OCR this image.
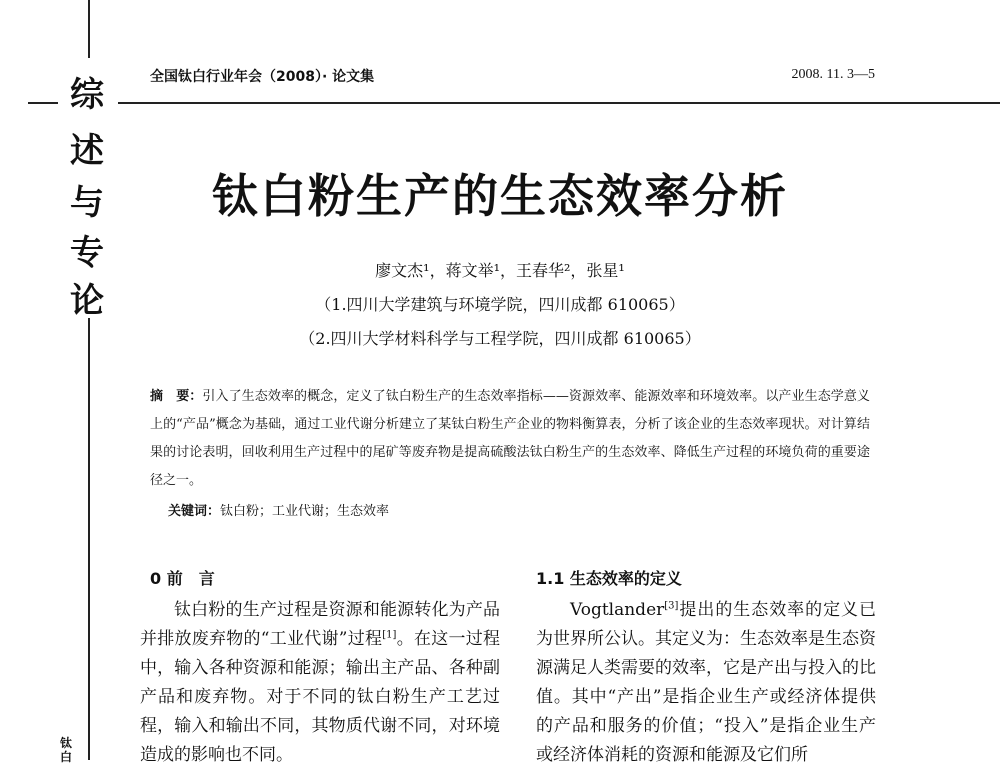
综
述
与
专
论
钛白
全国钛白行业年会（2008）· 论文集	2008. 11. 3—5
钛白粉生产的生态效率分析
廖文杰¹，蒋文举¹，王春华²，张星¹
（1.四川大学建筑与环境学院，四川成都 610065）
（2.四川大学材料科学与工程学院，四川成都 610065）
摘　要：引入了生态效率的概念，定义了钛白粉生产的生态效率指标——资源效率、能源效率和环境效率。以产业生态学意义上的“产品”概念为基础，通过工业代谢分析建立了某钛白粉生产企业的物料衡算表，分析了该企业的生态效率现状。对计算结果的讨论表明，回收利用生产过程中的尾矿等废弃物是提高硫酸法钛白粉生产的生态效率、降低生产过程的环境负荷的重要途径之一。
关键词：钛白粉；工业代谢；生态效率
0 前　言

钛白粉的生产过程是资源和能源转化为产品并排放废弃物的“工业代谢”过程[1]。在这一过程中，输入各种资源和能源；输出主产品、各种副产品和废弃物。对于不同的钛白粉生产工艺过程，输入和输出不同，其物质代谢不同，对环境造成的影响也不同。

1.1 生态效率的定义

Vogtlander[3]提出的生态效率的定义已为世界所公认。其定义为：生态效率是生态资源满足人类需要的效率，它是产出与投入的比值。其中“产出”是指企业生产或经济体提供的产品和服务的价值；“投入”是指企业生产或经济体消耗的资源和能源及它们所
